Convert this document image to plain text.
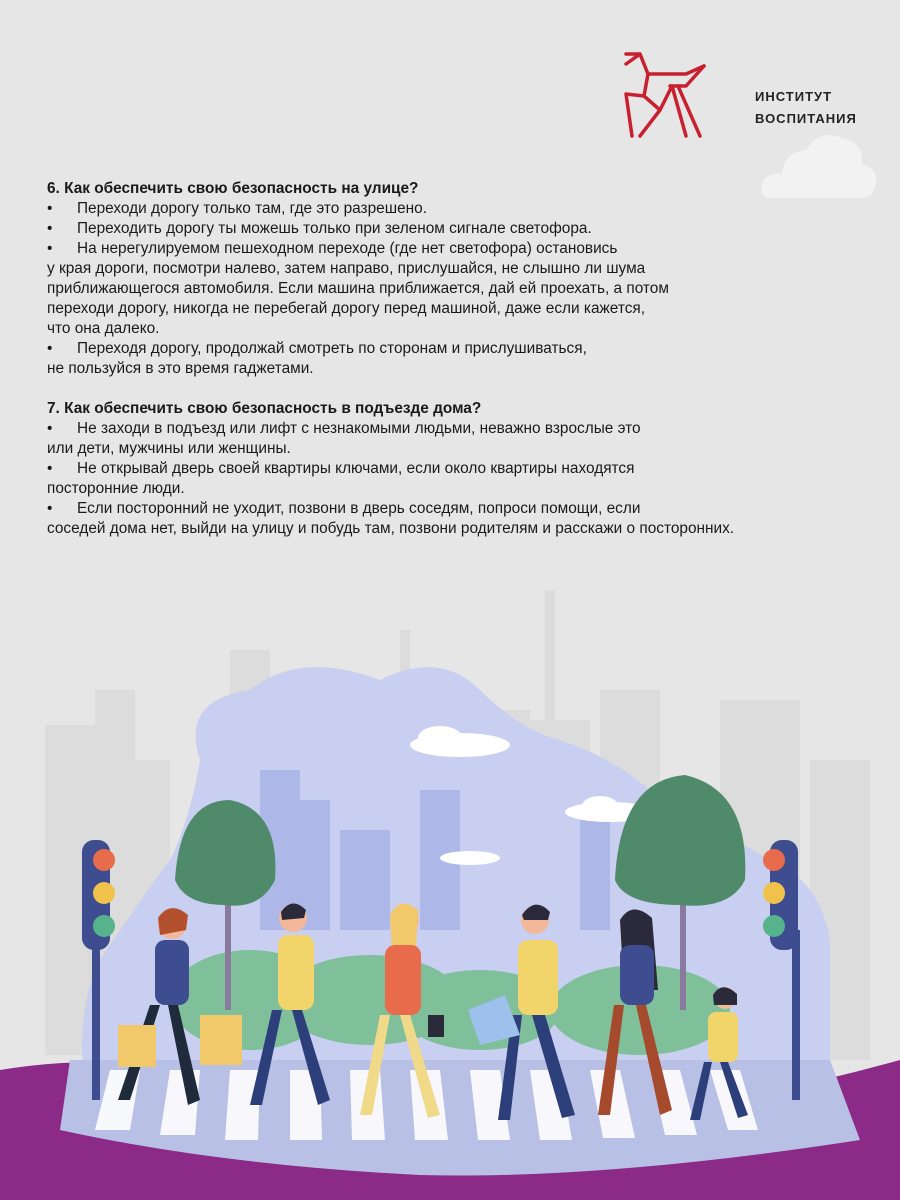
ИНСТИТУТ
ВОСПИТАНИЯ
6. Как обеспечить свою безопасность на улице?
•	Переходи дорогу только там, где это разрешено.
•	Переходить дорогу ты можешь только при зеленом сигнале светофора.
•	На нерегулируемом пешеходном переходе (где нет светофора) остановись
у края дороги, посмотри налево, затем направо, прислушайся, не слышно ли шума
приближающегося автомобиля. Если машина приближается, дай ей проехать, а потом
переходи дорогу, никогда не перебегай дорогу перед машиной, даже если кажется,
что она далеко.
•	Переходя дорогу, продолжай смотреть по сторонам и прислушиваться,
не пользуйся в это время гаджетами.
7. Как обеспечить свою безопасность в подъезде дома?
•	Не заходи в подъезд или лифт с незнакомыми людьми, неважно взрослые это
или дети, мужчины или женщины.
•	Не открывай дверь своей квартиры ключами, если около квартиры находятся
посторонние люди.
•	Если посторонний не уходит, позвони в дверь соседям, попроси помощи, если
соседей дома нет, выйди на улицу и побудь там, позвони родителям и расскажи о посторонних.
